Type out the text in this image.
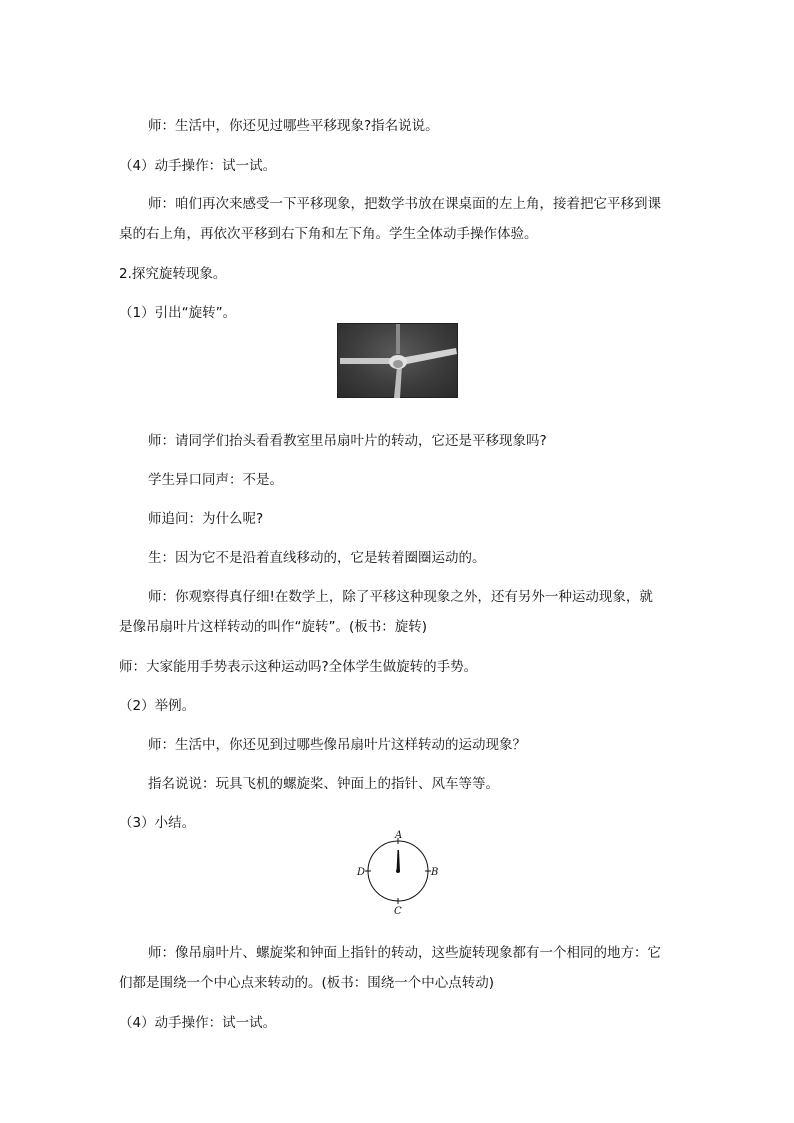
师：生活中，你还见过哪些平移现象?指名说说。

（4）动手操作：试一试。

师：咱们再次来感受一下平移现象，把数学书放在课桌面的左上角，接着把它平移到课

桌的右上角，再依次平移到右下角和左下角。学生全体动手操作体验。

2.探究旋转现象。

（1）引出“旋转”。

师：请同学们抬头看看教室里吊扇叶片的转动，它还是平移现象吗?

学生异口同声：不是。

师追问：为什么呢?

生：因为它不是沿着直线移动的，它是转着圈圈运动的。

师：你观察得真仔细!在数学上，除了平移这种现象之外，还有另外一种运动现象，就

是像吊扇叶片这样转动的叫作“旋转”。(板书：旋转)

师：大家能用手势表示这种运动吗?全体学生做旋转的手势。

（2）举例。

师：生活中，你还见到过哪些像吊扇叶片这样转动的运动现象？

指名说说：玩具飞机的螺旋桨、钟面上的指针、风车等等。

（3）小结。

A
B
C
D

师：像吊扇叶片、螺旋桨和钟面上指针的转动，这些旋转现象都有一个相同的地方：它

们都是围绕一个中心点来转动的。(板书：围绕一个中心点转动)

（4）动手操作：试一试。
